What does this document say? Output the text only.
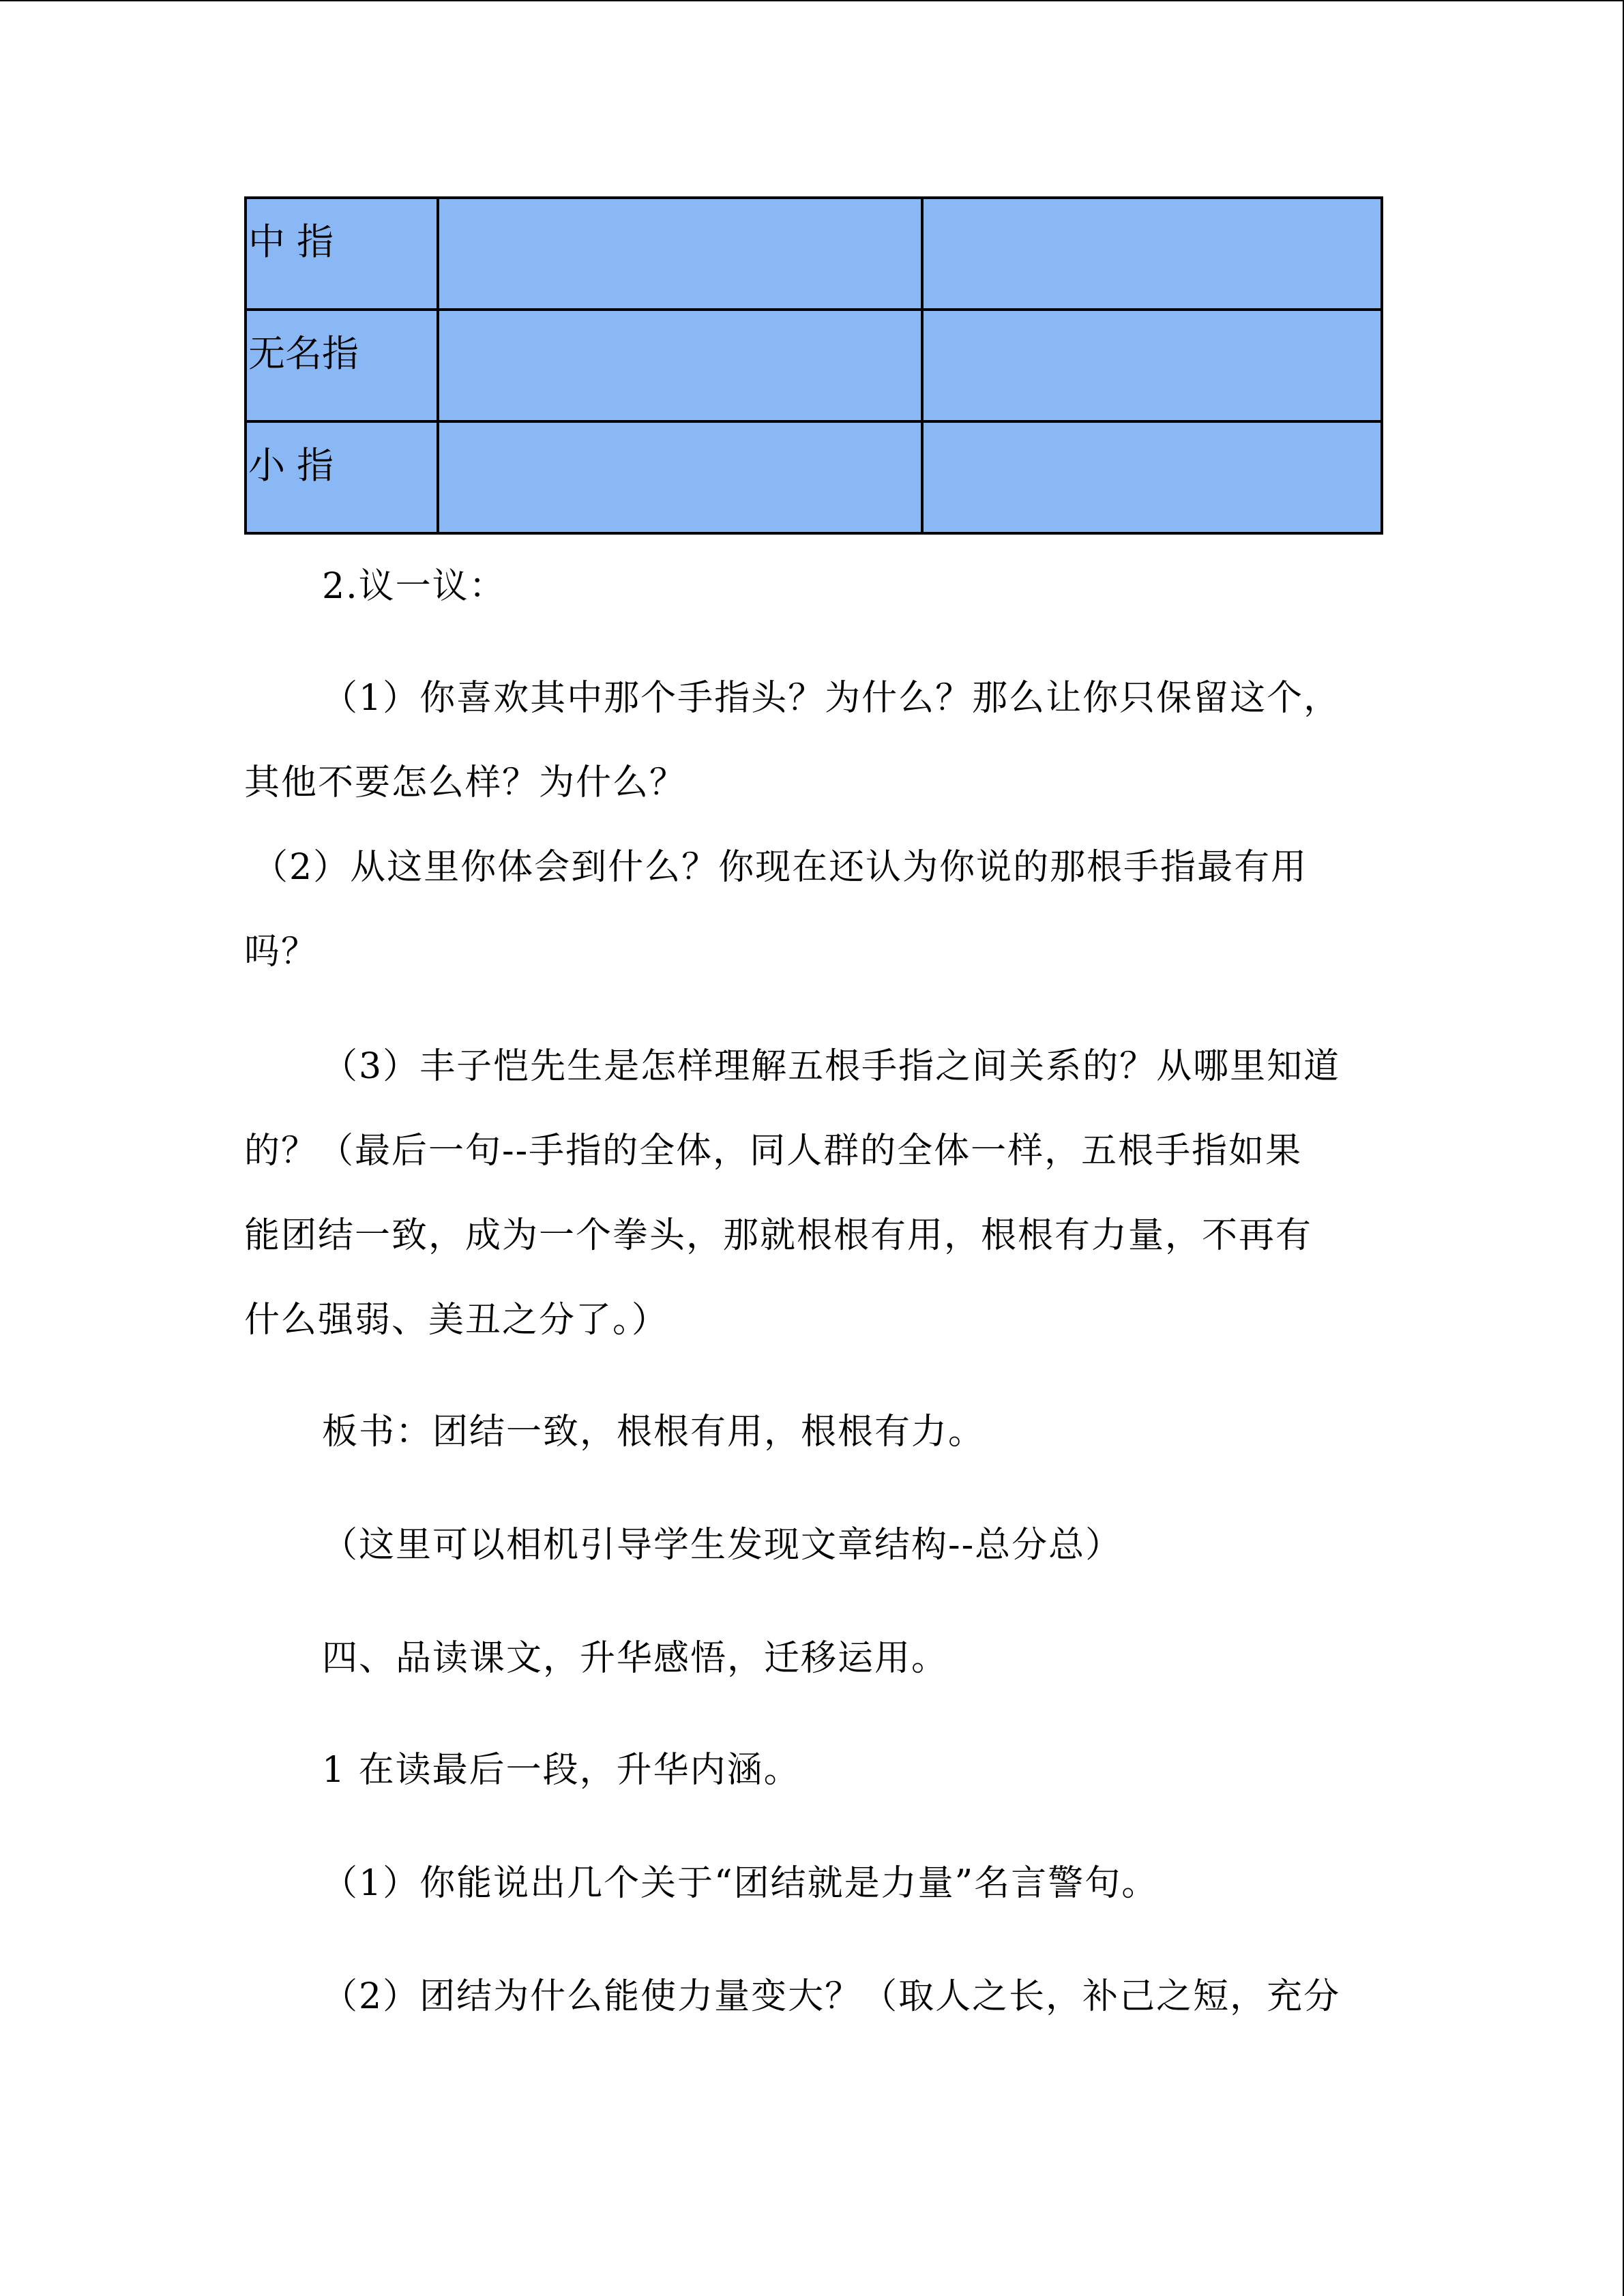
中 指		

无名指		

小 指		

2.议一议：
（1）你喜欢其中那个手指头？为什么？那么让你只保留这个，
其他不要怎么样？为什么？
（2）从这里你体会到什么？你现在还认为你说的那根手指最有用
吗？
（3）丰子恺先生是怎样理解五根手指之间关系的？从哪里知道
的？（最后一句--手指的全体，同人群的全体一样，五根手指如果
能团结一致，成为一个拳头，那就根根有用，根根有力量，不再有
什么强弱、美丑之分了。）
板书：团结一致，根根有用，根根有力。
（这里可以相机引导学生发现文章结构--总分总）
四、品读课文，升华感悟，迁移运用。
1 在读最后一段，升华内涵。
（1）你能说出几个关于“团结就是力量”名言警句。
（2）团结为什么能使力量变大？（取人之长，补己之短，充分
